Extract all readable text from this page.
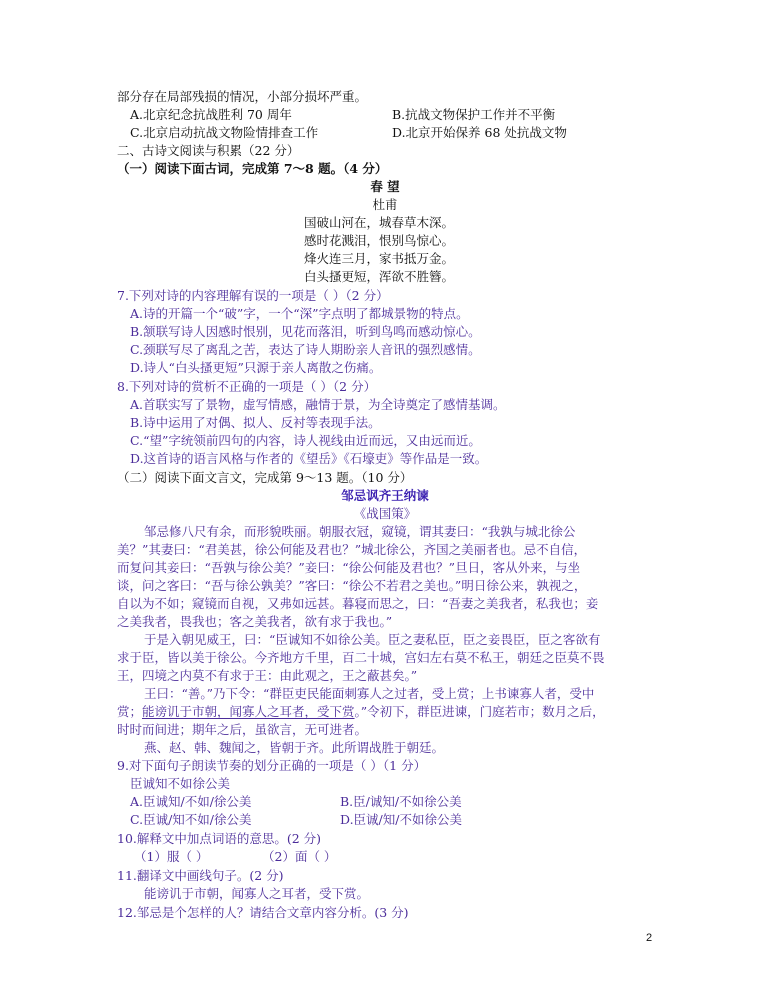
部分存在局部残损的情况，小部分损坏严重。
A.北京纪念抗战胜利 70 周年	B.抗战文物保护工作并不平衡
C.北京启动抗战文物险情排查工作	D.北京开始保养 68 处抗战文物
二、古诗文阅读与积累（22 分）
（一）阅读下面古词，完成第 7～8 题。（4 分）
春 望
杜甫
国破山河在，城春草木深。
感时花溅泪，恨别鸟惊心。
烽火连三月，家书抵万金。
白头搔更短，浑欲不胜簪。
7.下列对诗的内容理解有误的一项是（ ）（2 分）
A.诗的开篇一个“破”字，一个“深”字点明了都城景物的特点。
B.颔联写诗人因感时恨别，见花而落泪，听到鸟鸣而感动惊心。
C.颈联写尽了离乱之苦，表达了诗人期盼亲人音讯的强烈感情。
D.诗人“白头搔更短”只源于亲人离散之伤痛。
8.下列对诗的赏析不正确的一项是（ ）（2 分）
A.首联实写了景物，虚写情感，融情于景，为全诗奠定了感情基调。
B.诗中运用了对偶、拟人、反衬等表现手法。
C.“望”字统领前四句的内容，诗人视线由近而远，又由远而近。
D.这首诗的语言风格与作者的《望岳》《石壕吏》等作品是一致。
（二）阅读下面文言文，完成第 9～13 题。（10 分）
邹忌讽齐王纳谏
《战国策》
邹忌修八尺有余，而形貌昳丽。朝服衣冠，窥镜，谓其妻曰：“我孰与城北徐公
美？”其妻曰：“君美甚，徐公何能及君也？”城北徐公，齐国之美丽者也。忌不自信，
而复问其妾曰：“吾孰与徐公美？”妾曰：“徐公何能及君也？”旦日，客从外来，与坐
谈，问之客曰：“吾与徐公孰美？”客曰：“徐公不若君之美也。”明日徐公来，孰视之，
自以为不如；窥镜而自视，又弗如远甚。暮寝而思之，曰：“吾妻之美我者，私我也；妾
之美我者，畏我也；客之美我者，欲有求于我也。”
于是入朝见威王，曰：“臣诚知不如徐公美。臣之妻私臣，臣之妾畏臣，臣之客欲有
求于臣，皆以美于徐公。今齐地方千里，百二十城，宫妇左右莫不私王，朝廷之臣莫不畏
王，四境之内莫不有求于王：由此观之，王之蔽甚矣。”
王曰：“善。”乃下令：“群臣吏民能面刺寡人之过者，受上赏；上书谏寡人者，受中
赏；能谤讥于市朝，闻寡人之耳者，受下赏。”令初下，群臣进谏，门庭若市；数月之后，
时时而间进；期年之后，虽欲言，无可进者。
燕、赵、韩、魏闻之，皆朝于齐。此所谓战胜于朝廷。
9.对下面句子朗读节奏的划分正确的一项是（ ）（1 分）
臣诚知不如徐公美
A.臣诚知/不如/徐公美	B.臣/诚知/不如徐公美
C.臣诚/知不如/徐公美	D.臣诚/知/不如徐公美
10.解释文中加点词语的意思。(2 分)
（1）服（ ）	（2）面（ ）
11.翻译文中画线句子。(2 分)
能谤讥于市朝，闻寡人之耳者，受下赏。
12.邹忌是个怎样的人？请结合文章内容分析。(3 分)
2
